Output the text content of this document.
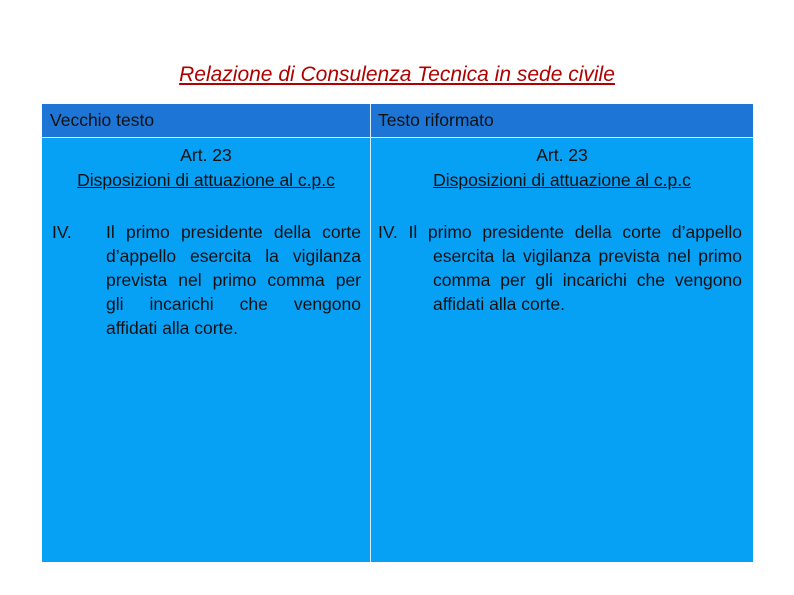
Relazione di Consulenza Tecnica in sede civile
Vecchio testo	Testo riformato
Art. 23
Disposizioni di attuazione al c.p.c
IV.	Il primo presidente della corte
d’appello esercita la vigilanza
prevista nel primo comma per
gli incarichi che vengono
affidati alla corte.
Art. 23
Disposizioni di attuazione al c.p.c
IV. Il primo presidente della corte d’appello
esercita la vigilanza prevista nel primo
comma per gli incarichi che vengono
affidati alla corte.
